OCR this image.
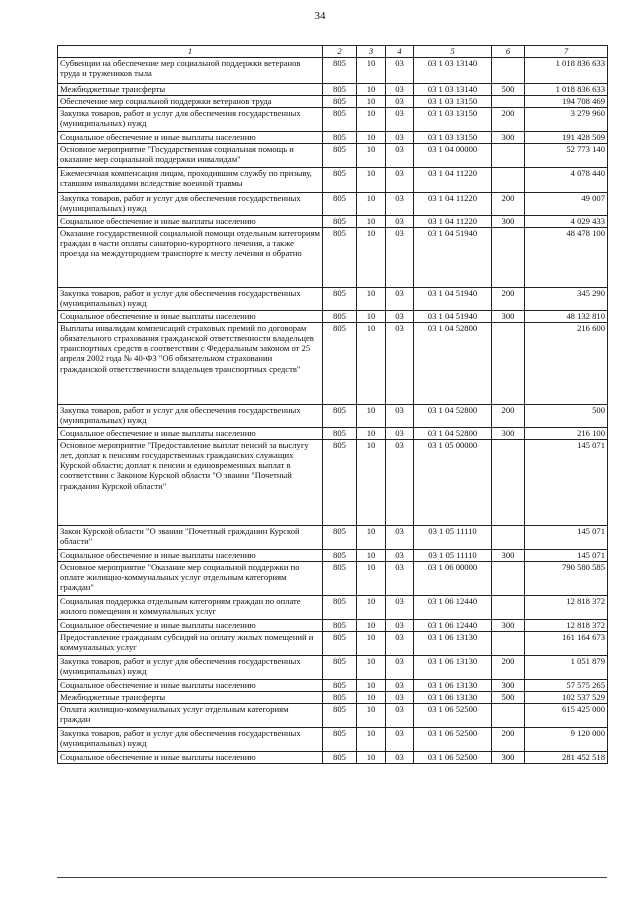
34
1	2	3	4	5	6	7
Субвенции на обеспечение мер социальной поддержки ветеранов труда и тружеников тыла	805	10	03	03 1 03 13140		1 018 836 633
Межбюджетные трансферты	805	10	03	03 1 03 13140	500	1 018 836 633
Обеспечение мер социальной поддержки ветеранов труда	805	10	03	03 1 03 13150		194 708 469
Закупка товаров, работ и услуг для обеспечения государственных (муниципальных) нужд	805	10	03	03 1 03 13150	200	3 279 960
Социальное обеспечение и иные выплаты населению	805	10	03	03 1 03 13150	300	191 428 509
Основное мероприятие "Государственная социальная помощь и оказание мер социальной поддержки инвалидам"	805	10	03	03 1 04 00000		52 773 140
Ежемесячная компенсация лицам, проходившим службу по призыву, ставшим инвалидами вследствие военной травмы	805	10	03	03 1 04 11220		4 078 440
Закупка товаров, работ и услуг для обеспечения государственных (муниципальных) нужд	805	10	03	03 1 04 11220	200	49 007
Социальное обеспечение и иные выплаты населению	805	10	03	03 1 04 11220	300	4 029 433
Оказание государственной социальной помощи отдельным категориям граждан в части оплаты санаторно-курортного лечения, а также проезда на междугороднем транспорте к месту лечения и обратно	805	10	03	03 1 04 51940		48 478 100
Закупка товаров, работ и услуг для обеспечения государственных (муниципальных) нужд	805	10	03	03 1 04 51940	200	345 290
Социальное обеспечение и иные выплаты населению	805	10	03	03 1 04 51940	300	48 132 810
Выплаты инвалидам компенсаций страховых премий по договорам обязательного страхования гражданской ответственности владельцев транспортных средств в соответствии с Федеральным законом от 25 апреля 2002 года № 40-ФЗ "Об обязательном страховании гражданской ответственности владельцев транспортных средств"	805	10	03	03 1 04 52800		216 600
Закупка товаров, работ и услуг для обеспечения государственных (муниципальных) нужд	805	10	03	03 1 04 52800	200	500
Социальное обеспечение и иные выплаты населению	805	10	03	03 1 04 52800	300	216 100
Основное мероприятие "Предоставление выплат пенсий за выслугу лет, доплат к пенсиям государственных гражданских служащих Курской области; доплат к пенсии и единовременных выплат в соответствии с Законом Курской области "О звании "Почетный гражданин Курской области"	805	10	03	03 1 05 00000		145 071
Закон Курской области "О звании "Почетный гражданин Курской области"	805	10	03	03 1 05 11110		145 071
Социальное обеспечение и иные выплаты населению	805	10	03	03 1 05 11110	300	145 071
Основное мероприятие "Оказание мер социальной поддержки по оплате жилищно-коммунальных услуг отдельным категориям граждан"	805	10	03	03 1 06 00000		790 580 585
Социальная поддержка отдельным категориям граждан по оплате жилого помещения и коммунальных услуг	805	10	03	03 1 06 12440		12 818 372
Социальное обеспечение и иные выплаты населению	805	10	03	03 1 06 12440	300	12 818 372
Предоставление гражданам субсидий на оплату жилых помещений и коммунальных услуг	805	10	03	03 1 06 13130		161 164 673
Закупка товаров, работ и услуг для обеспечения государственных (муниципальных) нужд	805	10	03	03 1 06 13130	200	1 051 879
Социальное обеспечение и иные выплаты населению	805	10	03	03 1 06 13130	300	57 575 265
Межбюджетные трансферты	805	10	03	03 1 06 13130	500	102 537 529
Оплата жилищно-коммунальных услуг отдельным категориям граждан	805	10	03	03 1 06 52500		615 425 000
Закупка товаров, работ и услуг для обеспечения государственных (муниципальных) нужд	805	10	03	03 1 06 52500	200	9 120 000
Социальное обеспечение и иные выплаты населению	805	10	03	03 1 06 52500	300	281 452 518
